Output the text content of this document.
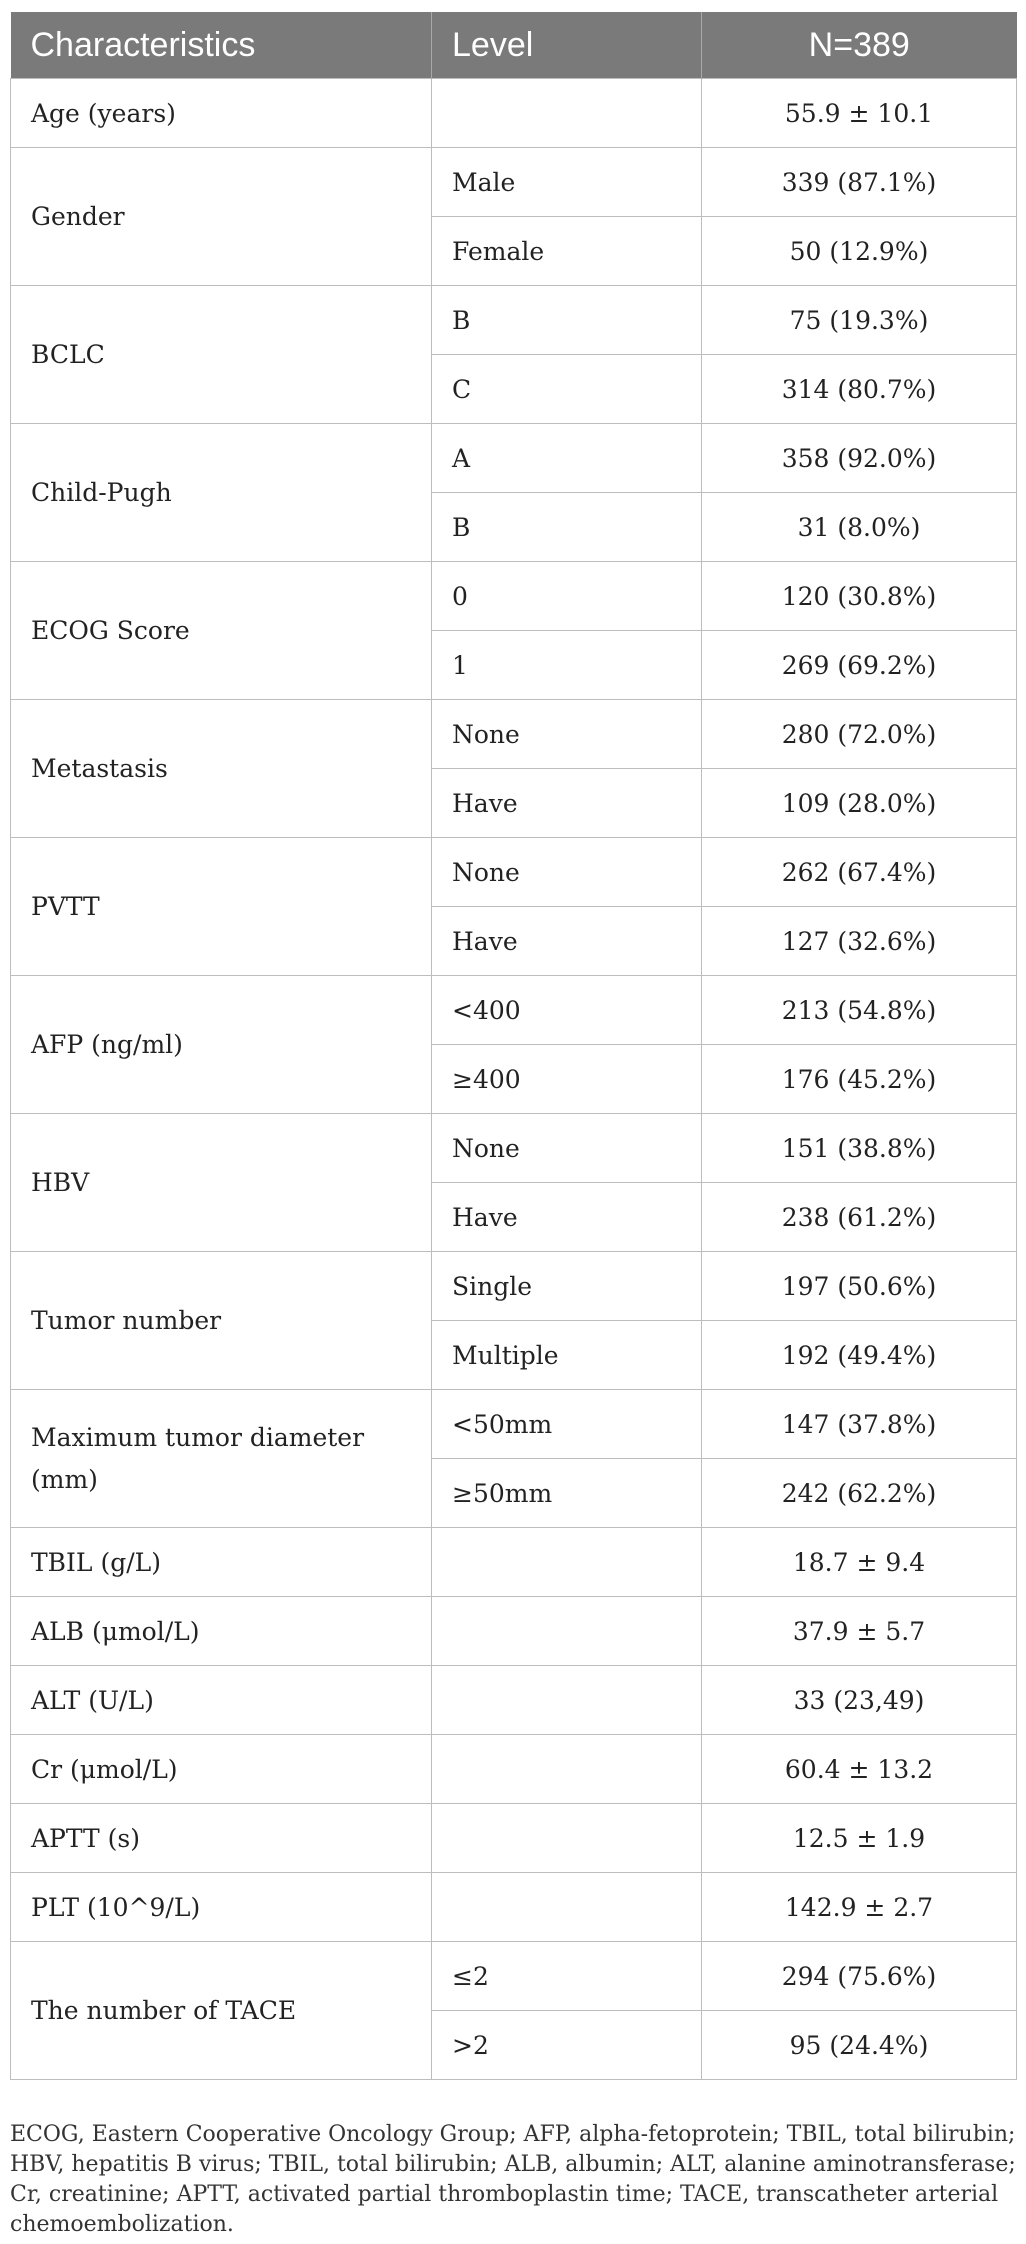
Characteristics	Level	N=389
Age (years)		55.9 ± 10.1
Gender	Male	339 (87.1%)
	Female	50 (12.9%)
BCLC	B	75 (19.3%)
	C	314 (80.7%)
Child-Pugh	A	358 (92.0%)
	B	31 (8.0%)
ECOG Score	0	120 (30.8%)
	1	269 (69.2%)
Metastasis	None	280 (72.0%)
	Have	109 (28.0%)
PVTT	None	262 (67.4%)
	Have	127 (32.6%)
AFP (ng/ml)	<400	213 (54.8%)
	≥400	176 (45.2%)
HBV	None	151 (38.8%)
	Have	238 (61.2%)
Tumor number	Single	197 (50.6%)
	Multiple	192 (49.4%)
Maximum tumor diameter (mm)	<50mm	147 (37.8%)
	≥50mm	242 (62.2%)
TBIL (g/L)		18.7 ± 9.4
ALB (μmol/L)		37.9 ± 5.7
ALT (U/L)		33 (23,49)
Cr (μmol/L)		60.4 ± 13.2
APTT (s)		12.5 ± 1.9
PLT (10^9/L)		142.9 ± 2.7
The number of TACE	≤2	294 (75.6%)
	>2	95 (24.4%)
ECOG, Eastern Cooperative Oncology Group; AFP, alpha-fetoprotein; TBIL, total bilirubin; HBV, hepatitis B virus; TBIL, total bilirubin; ALB, albumin; ALT, alanine aminotransferase; Cr, creatinine; APTT, activated partial thromboplastin time; TACE, transcatheter arterial chemoembolization.
